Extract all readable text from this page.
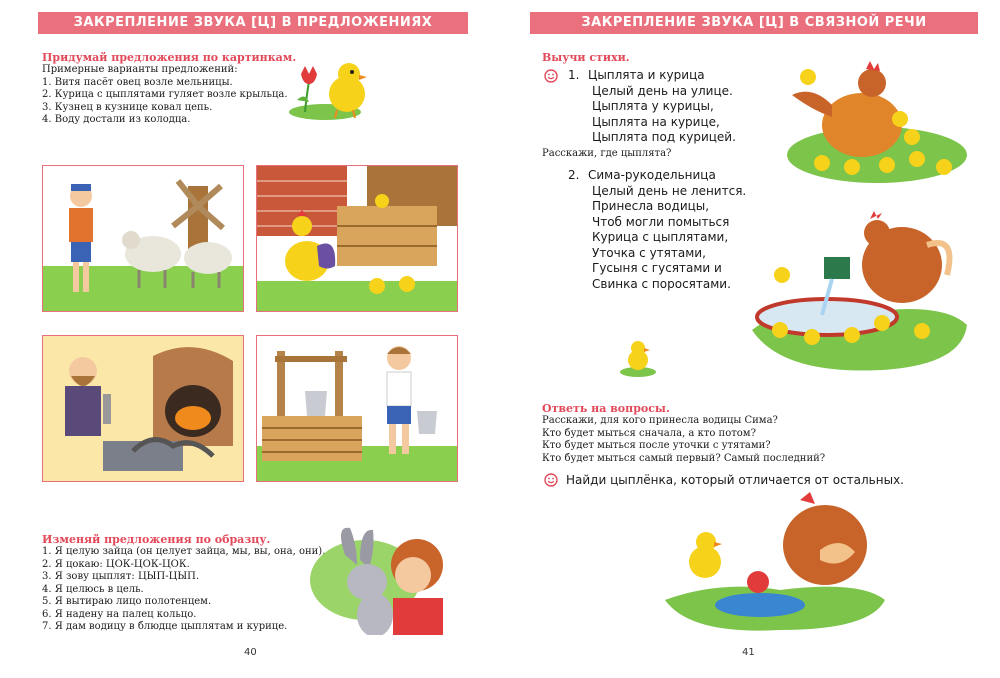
ЗАКРЕПЛЕНИЕ ЗВУКА [Ц] В ПРЕДЛОЖЕНИЯХ
Придумай предложения по картинкам.
Примерные варианты предложений:
1. Витя пасёт овец возле мельницы.
2. Курица с цыплятами гуляет возле крыльца.
3. Кузнец в кузнице ковал цепь.
4. Воду достали из колодца.
Изменяй предложения по образцу.
1. Я целую зайца (он целует зайца, мы, вы, она, они).
2. Я цокаю: ЦОК-ЦОК-ЦОК.
3. Я зову цыплят: ЦЫП-ЦЫП.
4. Я целюсь в цель.
5. Я вытираю лицо полотенцем.
6. Я надену на палец кольцо.
7. Я дам водицу в блюдце цыплятам и курице.
40
ЗАКРЕПЛЕНИЕ ЗВУКА [Ц] В СВЯЗНОЙ РЕЧИ
Выучи стихи.
1. Цыплята и курица
Целый день на улице.
Цыплята у курицы,
Цыплята на курице,
Цыплята под курицей.
Расскажи, где цыплята?
2. Сима-рукодельница
Целый день не ленится.
Принесла водицы,
Чтоб могли помыться
Курица с цыплятами,
Уточка с утятами,
Гусыня с гусятами и
Свинка с поросятами.
Ответь на вопросы.
Расскажи, для кого принесла водицы Сима?
Кто будет мыться сначала, а кто потом?
Кто будет мыться после уточки с утятами?
Кто будет мыться самый первый? Самый последний?
Найди цыплёнка, который отличается от остальных.
41
